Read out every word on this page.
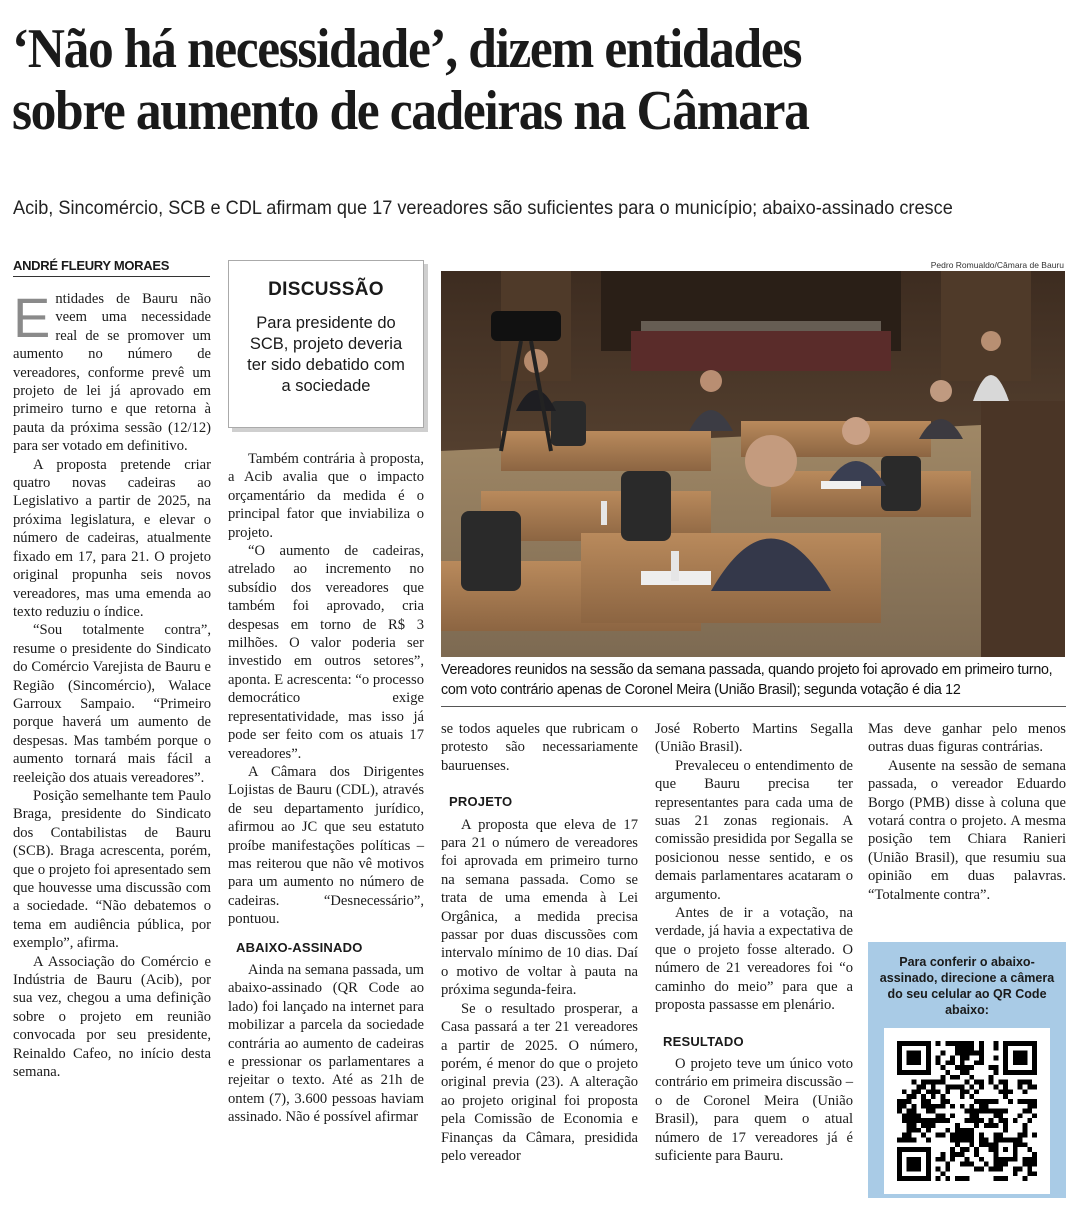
‘Não há necessidade’, dizem entidades
sobre aumento de cadeiras na Câmara
Acib, Sincomércio, SCB e CDL afirmam que 17 vereadores são suficientes para o município; abaixo-assinado cresce
ANDRÉ FLEURY MORAES

Entidades de Bauru não veem uma necessidade real de se promover um aumento no número de vereadores, conforme prevê um projeto de lei já aprovado em primeiro turno e que retorna à pauta da próxima sessão (12/12) para ser votado em definitivo.

A proposta pretende criar quatro novas cadeiras ao Legislativo a partir de 2025, na próxima legislatura, e elevar o número de cadeiras, atualmente fixado em 17, para 21. O projeto original propunha seis novos vereadores, mas uma emenda ao texto reduziu o índice.

“Sou totalmente contra”, resume o presidente do Sindicato do Comércio Varejista de Bauru e Região (Sincomércio), Walace Garroux Sampaio. “Primeiro porque haverá um aumento de despesas. Mas também porque o aumento tornará mais fácil a reeleição dos atuais vereadores”.

Posição semelhante tem Paulo Braga, presidente do Sindicato dos Contabilistas de Bauru (SCB). Braga acrescenta, porém, que o projeto foi apresentado sem que houvesse uma discussão com a sociedade. “Não debatemos o tema em audiência pública, por exemplo”, afirma.

A Associação do Comércio e Indústria de Bauru (Acib), por sua vez, chegou a uma definição sobre o projeto em reunião convocada por seu presidente, Reinaldo Cafeo, no início desta semana.

DISCUSSÃO
Para presidente do SCB, projeto deveria ter sido debatido com a sociedade

Também contrária à proposta, a Acib avalia que o impacto orçamentário da medida é o principal fator que inviabiliza o projeto.

“O aumento de cadeiras, atrelado ao incremento no subsídio dos vereadores que também foi aprovado, cria despesas em torno de R$ 3 milhões. O valor poderia ser investido em outros setores”, aponta. E acrescenta: “o processo democrático exige representatividade, mas isso já pode ser feito com os atuais 17 vereadores”.

A Câmara dos Dirigentes Lojistas de Bauru (CDL), através de seu departamento jurídico, afirmou ao JC que seu estatuto proíbe manifestações políticas – mas reiterou que não vê motivos para um aumento no número de cadeiras. “Desnecessário”, pontuou.

ABAIXO-ASSINADO

Ainda na semana passada, um abaixo-assinado (QR Code ao lado) foi lançado na internet para mobilizar a parcela da sociedade contrária ao aumento de cadeiras e pressionar os parlamentares a rejeitar o texto. Até as 21h de ontem (7), 3.600 pessoas haviam assinado. Não é possível afirmar

Pedro Romualdo/Câmara de Bauru
Vereadores reunidos na sessão da semana passada, quando projeto foi aprovado em primeiro turno, com voto contrário apenas de Coronel Meira (União Brasil); segunda votação é dia 12

se todos aqueles que rubricam o protesto são necessariamente bauruenses.

PROJETO

A proposta que eleva de 17 para 21 o número de vereadores foi aprovada em primeiro turno na semana passada. Como se trata de uma emenda à Lei Orgânica, a medida precisa passar por duas discussões com intervalo mínimo de 10 dias. Daí o motivo de voltar à pauta na próxima segunda-feira.

Se o resultado prosperar, a Casa passará a ter 21 vereadores a partir de 2025. O número, porém, é menor do que o projeto original previa (23). A alteração ao projeto original foi proposta pela Comissão de Economia e Finanças da Câmara, presidida pelo vereador

José Roberto Martins Segalla (União Brasil).

Prevaleceu o entendimento de que Bauru precisa ter representantes para cada uma de suas 21 zonas regionais. A comissão presidida por Segalla se posicionou nesse sentido, e os demais parlamentares acataram o argumento.

Antes de ir a votação, na verdade, já havia a expectativa de que o projeto fosse alterado. O número de 21 vereadores foi “o caminho do meio” para que a proposta passasse em plenário.

RESULTADO

O projeto teve um único voto contrário em primeira discussão – o de Coronel Meira (União Brasil), para quem o atual número de 17 vereadores já é suficiente para Bauru.

Mas deve ganhar pelo menos outras duas figuras contrárias.

Ausente na sessão de semana passada, o vereador Eduardo Borgo (PMB) disse à coluna que votará contra o projeto. A mesma posição tem Chiara Ranieri (União Brasil), que resumiu sua opinião em duas palavras. “Totalmente contra”.

Para conferir o abaixo-assinado, direcione a câmera do seu celular ao QR Code abaixo:
